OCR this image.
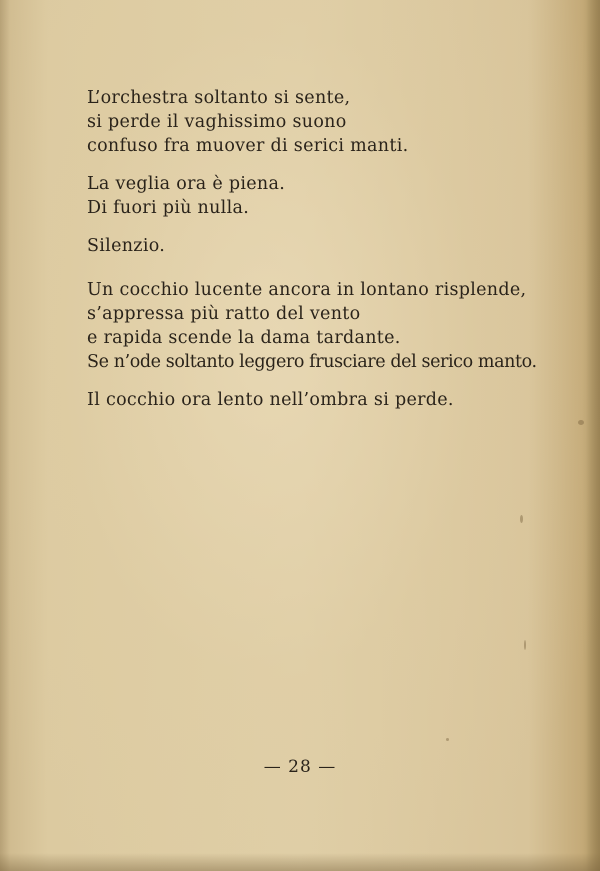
L’orchestra soltanto si sente,
si perde il vaghissimo suono
confuso fra muover di serici manti.
La veglia ora è piena.
Di fuori più nulla.
Silenzio.
Un cocchio lucente ancora in lontano risplende,
s’appressa più ratto del vento
e rapida scende la dama tardante.
Se n’ode soltanto leggero frusciare del serico manto.
Il cocchio ora lento nell’ombra si perde.
— 28 —
